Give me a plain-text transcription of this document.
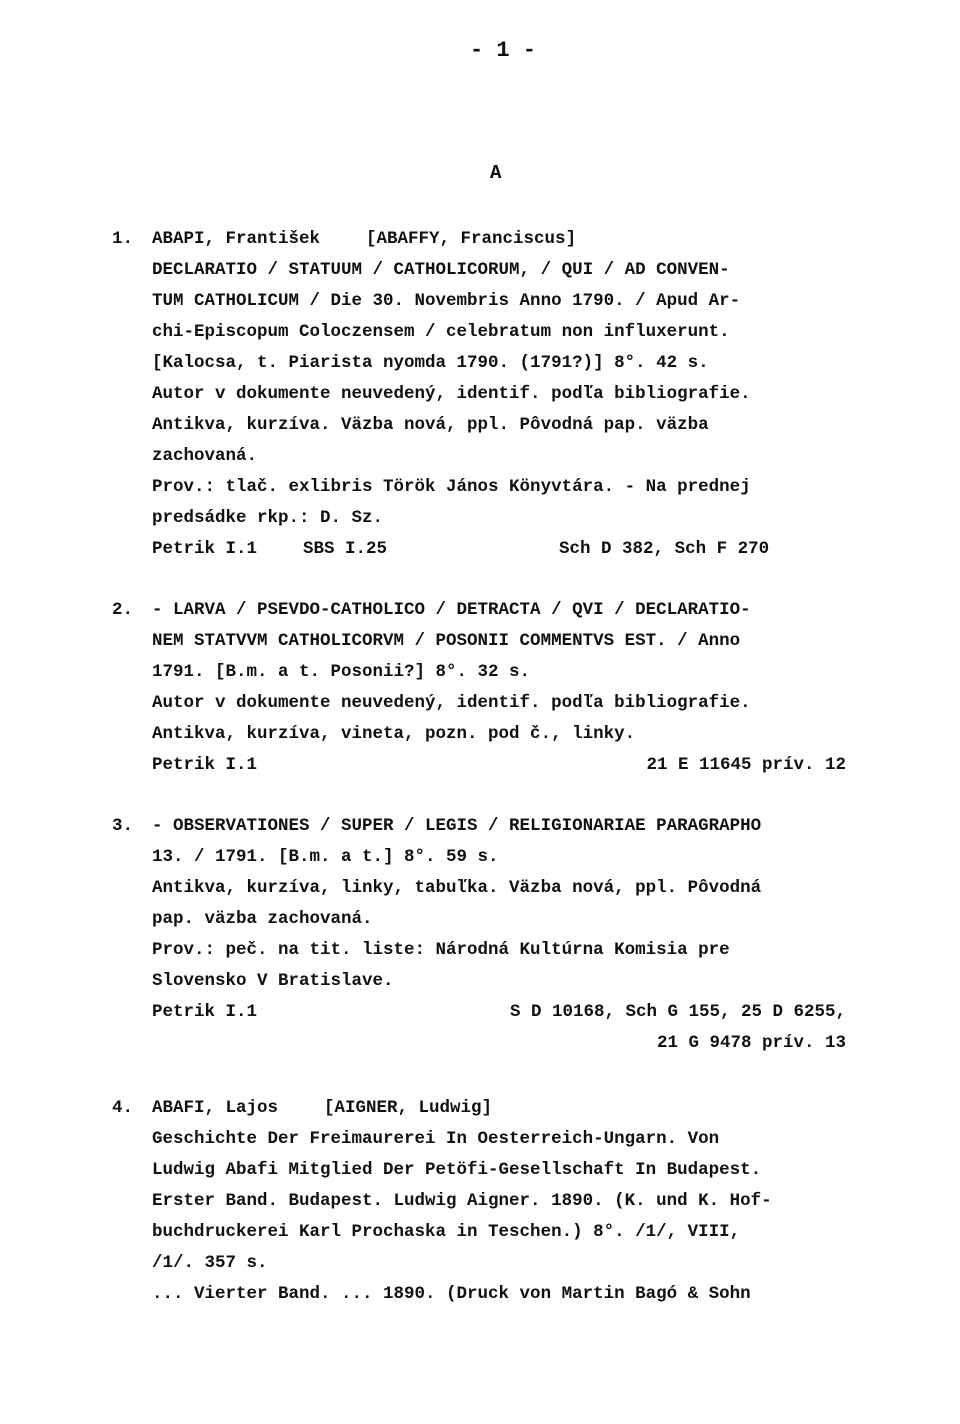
- 1 -
A
1. ABAPI, František	[ABAFFY, Franciscus]
DECLARATIO / STATUUM / CATHOLICORUM, / QUI / AD CONVEN-
TUM CATHOLICUM / Die 30. Novembris Anno 1790. / Apud Ar-
chi-Episcopum Coloczensem / celebratum non influxerunt.
[Kalocsa, t. Piarista nyomda 1790. (1791?)] 8°. 42 s.
Autor v dokumente neuvedený, identif. podľa bibliografie.
Antikva, kurzíva. Väzba nová, ppl. Pôvodná pap. väzba
zachovaná.
Prov.: tlač. exlibris Török János Könyvtára. - Na prednej
predsádke rkp.: D. Sz.
Petrik I.1	SBS I.25	Sch D 382, Sch F 270
2. - LARVA / PSEVDO-CATHOLICO / DETRACTA / QVI / DECLARATIO-
NEM STATVVM CATHOLICORVM / POSONII COMMENTVS EST. / Anno
1791. [B.m. a t. Posonii?] 8°. 32 s.
Autor v dokumente neuvedený, identif. podľa bibliografie.
Antikva, kurzíva, vineta, pozn. pod č., linky.
Petrik I.1	21 E 11645 prív. 12
3. - OBSERVATIONES / SUPER / LEGIS / RELIGIONARIAE PARAGRAPHO
13. / 1791. [B.m. a t.] 8°. 59 s.
Antikva, kurzíva, linky, tabuľka. Väzba nová, ppl. Pôvodná
pap. väzba zachovaná.
Prov.: peč. na tit. liste: Národná Kultúrna Komisia pre
Slovensko V Bratislave.
Petrik I.1	S D 10168, Sch G 155, 25 D 6255,
21 G 9478 prív. 13
4. ABAFI, Lajos	[AIGNER, Ludwig]
Geschichte Der Freimaurerei In Oesterreich-Ungarn. Von
Ludwig Abafi Mitglied Der Petöfi-Gesellschaft In Budapest.
Erster Band. Budapest. Ludwig Aigner. 1890. (K. und K. Hof-
buchdruckerei Karl Prochaska in Teschen.) 8°. /1/, VIII,
/1/. 357 s.
... Vierter Band. ... 1890. (Druck von Martin Bagó & Sohn
